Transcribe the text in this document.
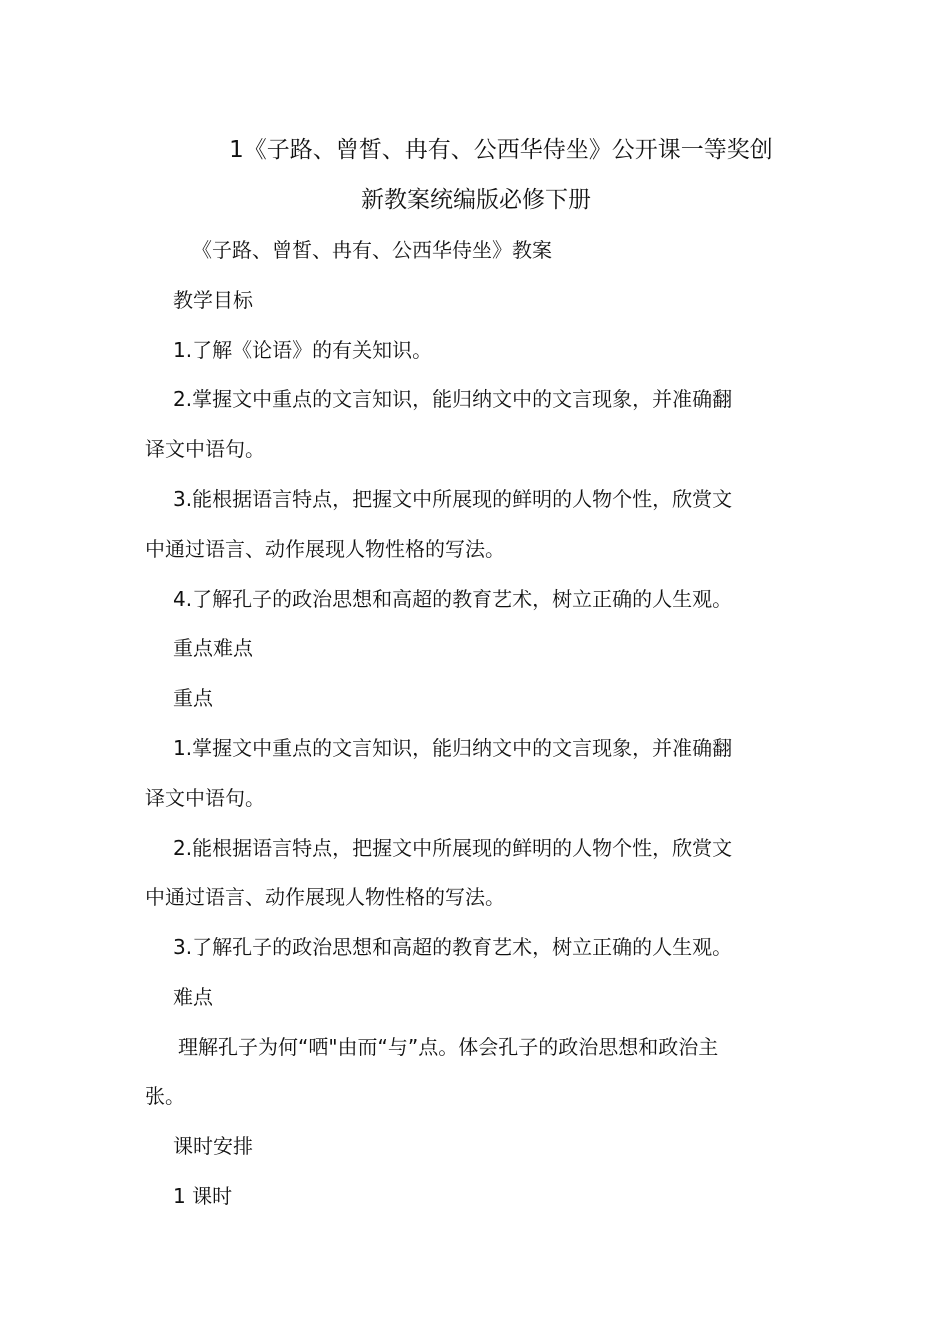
1《子路、曾皙、冉有、公西华侍坐》公开课一等奖创
新教案统编版必修下册
《子路、曾皙、冉有、公西华侍坐》教案
教学目标
1.了解《论语》的有关知识。
2.掌握文中重点的文言知识，能归纳文中的文言现象，并准确翻
译文中语句。
3.能根据语言特点，把握文中所展现的鲜明的人物个性，欣赏文
中通过语言、动作展现人物性格的写法。
4.了解孔子的政治思想和高超的教育艺术，树立正确的人生观。
重点难点
重点
1.掌握文中重点的文言知识，能归纳文中的文言现象，并准确翻
译文中语句。
2.能根据语言特点，把握文中所展现的鲜明的人物个性，欣赏文
中通过语言、动作展现人物性格的写法。
3.了解孔子的政治思想和高超的教育艺术，树立正确的人生观。
难点
理解孔子为何“哂"由而“与”点。体会孔子的政治思想和政治主
张。
课时安排
1 课时
